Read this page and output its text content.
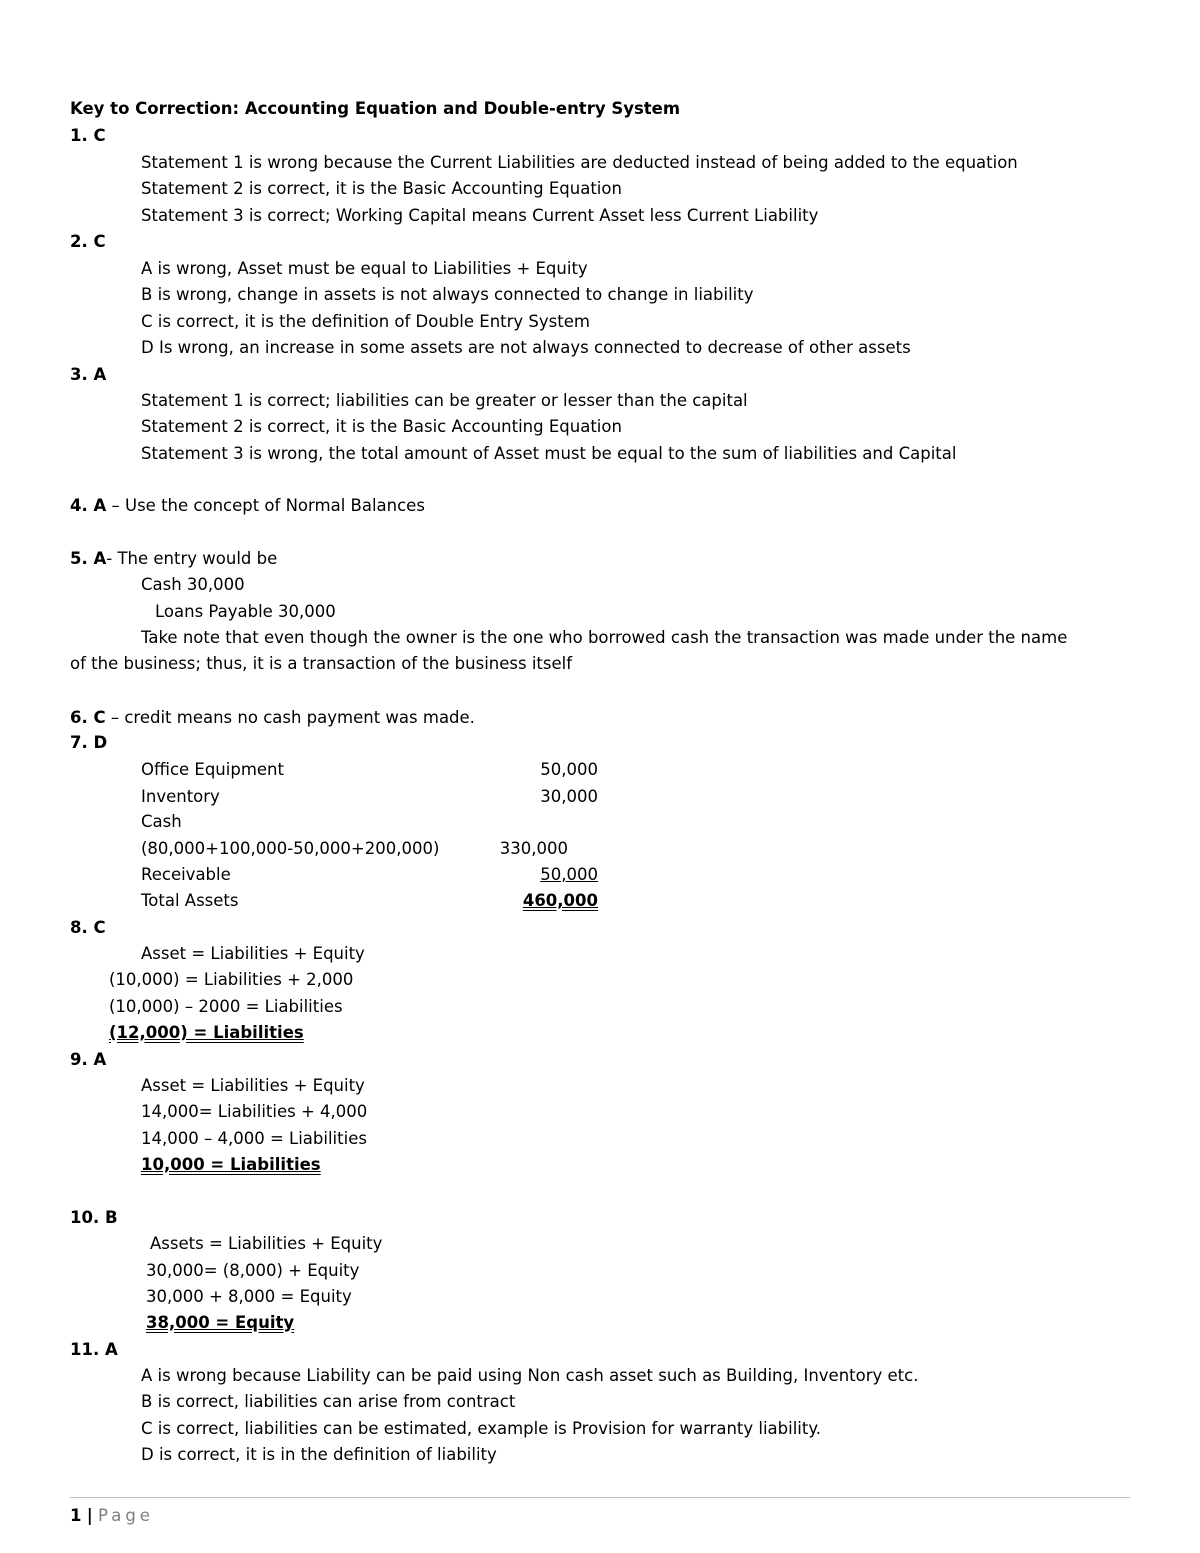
Key to Correction: Accounting Equation and Double-entry System
1. C
Statement 1 is wrong because the Current Liabilities are deducted instead of being added to the equation
Statement 2 is correct, it is the Basic Accounting Equation
Statement 3 is correct; Working Capital means Current Asset less Current Liability
2. C
A is wrong, Asset must be equal to Liabilities + Equity
B is wrong, change in assets is not always connected to change in liability
C is correct, it is the definition of Double Entry System
D Is wrong, an increase in some assets are not always connected to decrease of other assets
3. A
Statement 1 is correct; liabilities can be greater or lesser than the capital
Statement 2 is correct, it is the Basic Accounting Equation
Statement 3 is wrong, the total amount of Asset must be equal to the sum of liabilities and Capital
4. A – Use the concept of Normal Balances
5. A- The entry would be
Cash 30,000
Loans Payable 30,000
Take note that even though the owner is the one who borrowed cash the transaction was made under the name
of the business; thus, it is a transaction of the business itself
6. C – credit means no cash payment was made.
7. D
Office Equipment	50,000
Inventory	30,000
Cash
(80,000+100,000-50,000+200,000)	330,000
Receivable	50,000
Total Assets	460,000
8. C
Asset = Liabilities + Equity
(10,000) = Liabilities + 2,000
(10,000) – 2000 = Liabilities
(12,000) = Liabilities
9. A
Asset = Liabilities + Equity
14,000= Liabilities + 4,000
14,000 – 4,000 = Liabilities
10,000 = Liabilities
10. B
Assets = Liabilities + Equity
30,000= (8,000) + Equity
30,000 + 8,000 = Equity
38,000 = Equity
11. A
A is wrong because Liability can be paid using Non cash asset such as Building, Inventory etc.
B is correct, liabilities can arise from contract
C is correct, liabilities can be estimated, example is Provision for warranty liability.
D is correct, it is in the definition of liability
1 | Page
